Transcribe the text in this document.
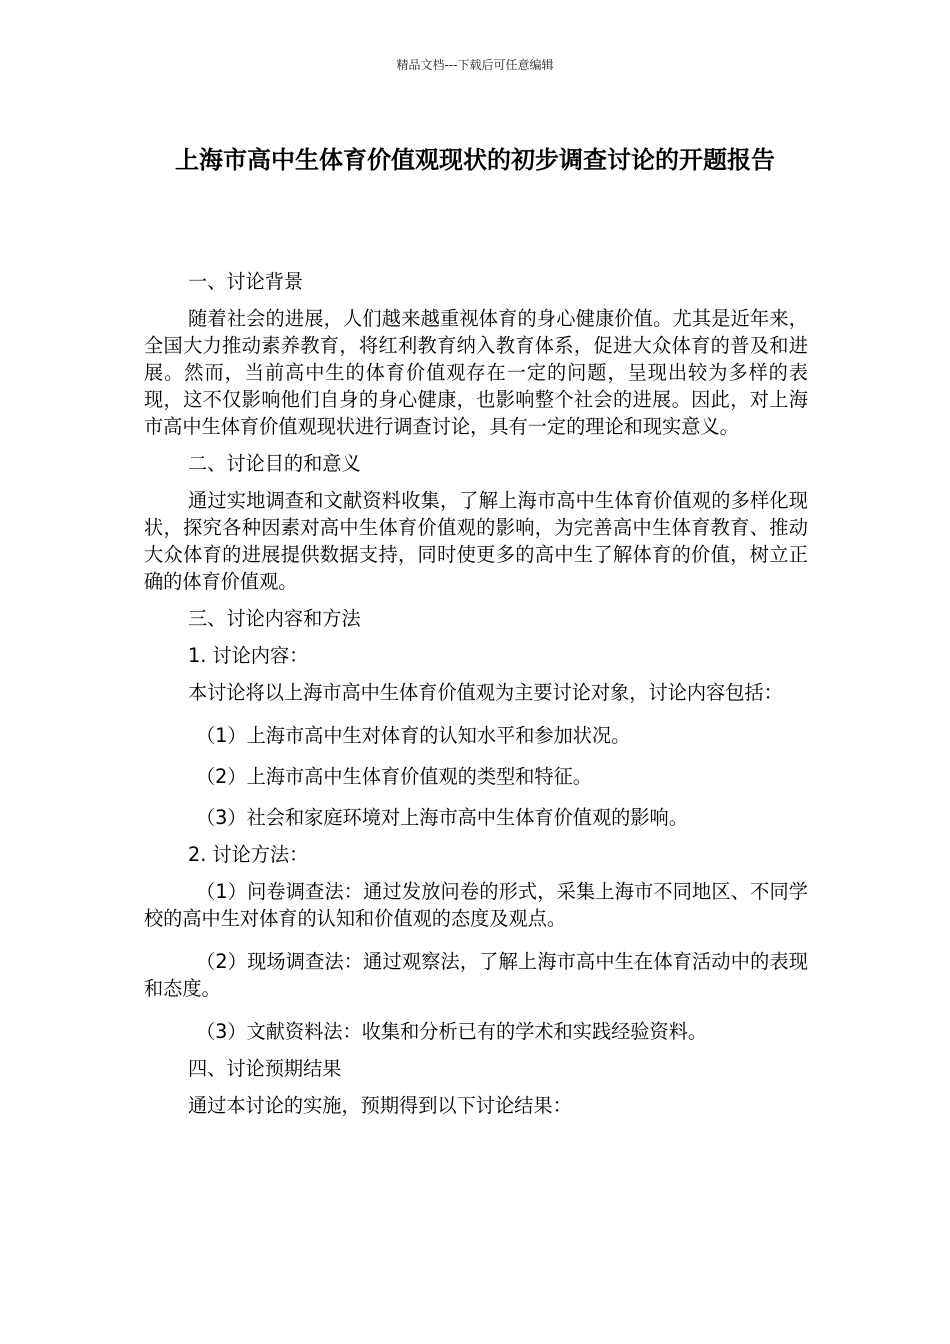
精品文档---下载后可任意编辑
上海市高中生体育价值观现状的初步调查讨论的开题报告

一、讨论背景

随着社会的进展，人们越来越重视体育的身心健康价值。尤其是近年来，全国大力推动素养教育，将红利教育纳入教育体系，促进大众体育的普及和进展。然而，当前高中生的体育价值观存在一定的问题，呈现出较为多样的表现，这不仅影响他们自身的身心健康，也影响整个社会的进展。因此，对上海市高中生体育价值观现状进行调查讨论，具有一定的理论和现实意义。

二、讨论目的和意义

通过实地调查和文献资料收集，了解上海市高中生体育价值观的多样化现状，探究各种因素对高中生体育价值观的影响，为完善高中生体育教育、推动大众体育的进展提供数据支持，同时使更多的高中生了解体育的价值，树立正确的体育价值观。

三、讨论内容和方法

1. 讨论内容：

本讨论将以上海市高中生体育价值观为主要讨论对象，讨论内容包括：

（1）上海市高中生对体育的认知水平和参加状况。

（2）上海市高中生体育价值观的类型和特征。

（3）社会和家庭环境对上海市高中生体育价值观的影响。

2. 讨论方法：

（1）问卷调查法：通过发放问卷的形式，采集上海市不同地区、不同学校的高中生对体育的认知和价值观的态度及观点。

（2）现场调查法：通过观察法，了解上海市高中生在体育活动中的表现和态度。

（3）文献资料法：收集和分析已有的学术和实践经验资料。

四、讨论预期结果

通过本讨论的实施，预期得到以下讨论结果：
